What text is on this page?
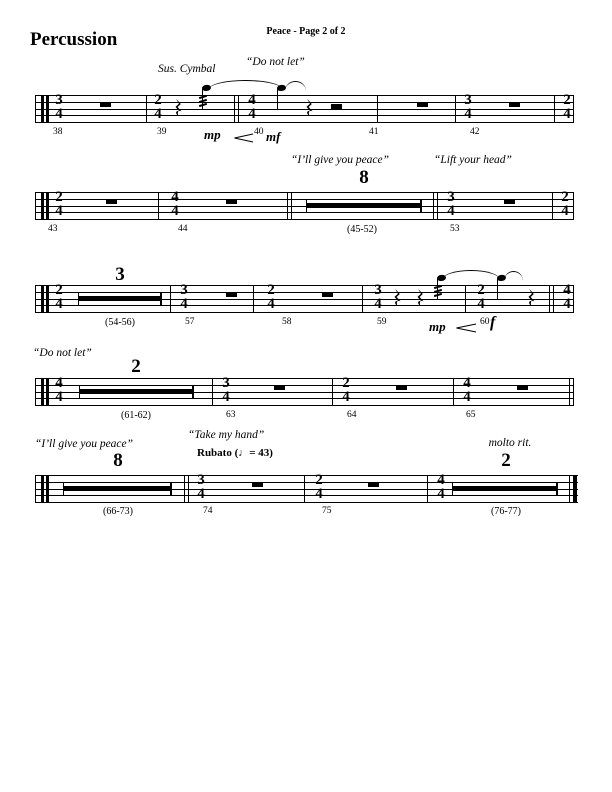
Peace - Page 2 of 2
Percussion
3
4
2
4
4
4
3
4
2
4
2
4
4
4
3
4
2
4
2
4
3
4
2
4
3
4
2
4
4
4
4
4
3
4
2
4
4
4
3
4
2
4
4
4
Sus. Cymbal
“Do not let”
mp	mf
38	39	40	41	42
“I’ll give you peace”	“Lift your head”
8
(45-52)
43	44	53
3
(54-56)	57	58	59	60
mp	f
“Do not let”
2
(61-62)	63	64	65
“I’ll give you peace”
8
(66-73)
“Take my hand”
Rubato (♩= 43)
74	75
molto rit.
2
(76-77)
